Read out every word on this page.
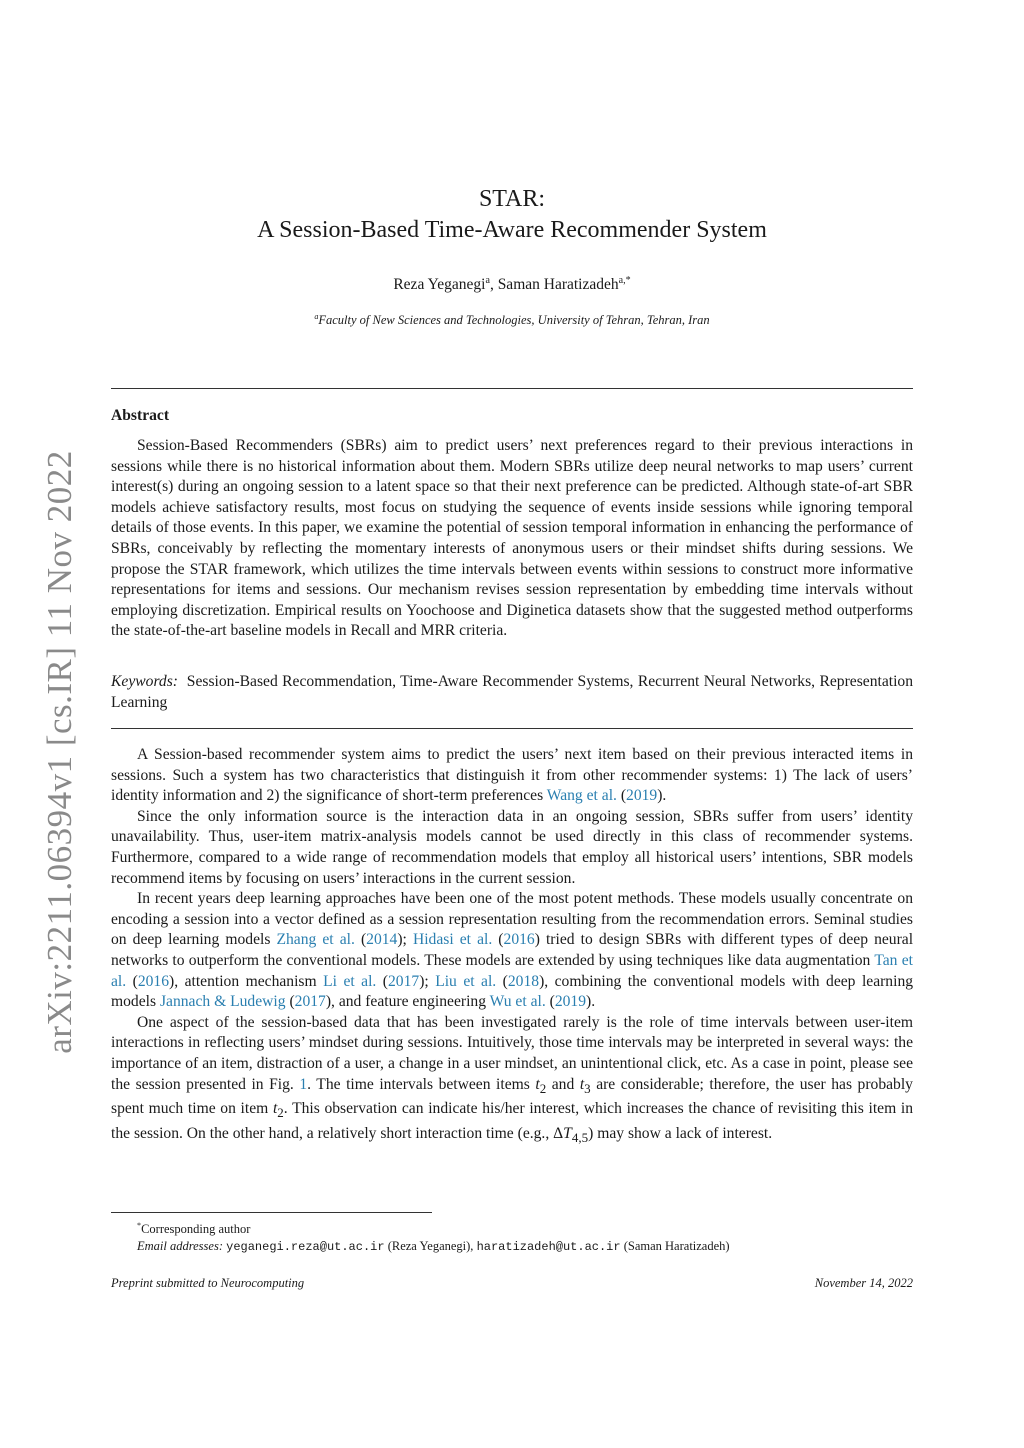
arXiv:2211.06394v1 [cs.IR] 11 Nov 2022
STAR:
A Session-Based Time-Aware Recommender System
Reza Yeganegi$^a$, Saman Haratizadeh$^{a,*}$
$^a$Faculty of New Sciences and Technologies, University of Tehran, Tehran, Iran
Abstract

Session-Based Recommenders (SBRs) aim to predict users’ next preferences regard to their previous interactions in sessions while there is no historical information about them. Modern SBRs utilize deep neural networks to map users’ current interest(s) during an ongoing session to a latent space so that their next preference can be predicted. Although state-of-art SBR models achieve satisfactory results, most focus on studying the sequence of events inside sessions while ignoring temporal details of those events. In this paper, we examine the potential of session temporal information in enhancing the performance of SBRs, conceivably by reflecting the momentary interests of anonymous users or their mindset shifts during sessions. We propose the STAR framework, which utilizes the time intervals between events within sessions to construct more informative representations for items and sessions. Our mechanism revises session representation by embedding time intervals without employing discretization. Empirical results on Yoochoose and Diginetica datasets show that the suggested method outperforms the state-of-the-art baseline models in Recall and MRR criteria.

Keywords: Session-Based Recommendation, Time-Aware Recommender Systems, Recurrent Neural Networks, Representation Learning

A Session-based recommender system aims to predict the users’ next item based on their previous interacted items in sessions. Such a system has two characteristics that distinguish it from other recommender systems: 1) The lack of users’ identity information and 2) the significance of short-term preferences Wang et al. (2019).

Since the only information source is the interaction data in an ongoing session, SBRs suffer from users’ identity unavailability. Thus, user-item matrix-analysis models cannot be used directly in this class of recommender systems. Furthermore, compared to a wide range of recommendation models that employ all historical users’ intentions, SBR models recommend items by focusing on users’ interactions in the current session.

In recent years deep learning approaches have been one of the most potent methods. These models usually concentrate on encoding a session into a vector defined as a session representation resulting from the recommendation errors. Seminal studies on deep learning models Zhang et al. (2014); Hidasi et al. (2016) tried to design SBRs with different types of deep neural networks to outperform the conventional models. These models are extended by using techniques like data augmentation Tan et al. (2016), attention mechanism Li et al. (2017); Liu et al. (2018), combining the conventional models with deep learning models Jannach & Ludewig (2017), and feature engineering Wu et al. (2019).

One aspect of the session-based data that has been investigated rarely is the role of time intervals between user-item interactions in reflecting users’ mindset during sessions. Intuitively, those time intervals may be interpreted in several ways: the importance of an item, distraction of a user, a change in a user mindset, an unintentional click, etc. As a case in point, please see the session presented in Fig. 1. The time intervals between items $t_2$ and $t_3$ are considerable; therefore, the user has probably spent much time on item $t_2$. This observation can indicate his/her interest, which increases the chance of revisiting this item in the session. On the other hand, a relatively short interaction time (e.g., $\Delta T_{4,5}$) may show a lack of interest.

*Corresponding author
Email addresses: yeganegi.reza@ut.ac.ir (Reza Yeganegi), haratizadeh@ut.ac.ir (Saman Haratizadeh)
Preprint submitted to Neurocomputing	November 14, 2022
